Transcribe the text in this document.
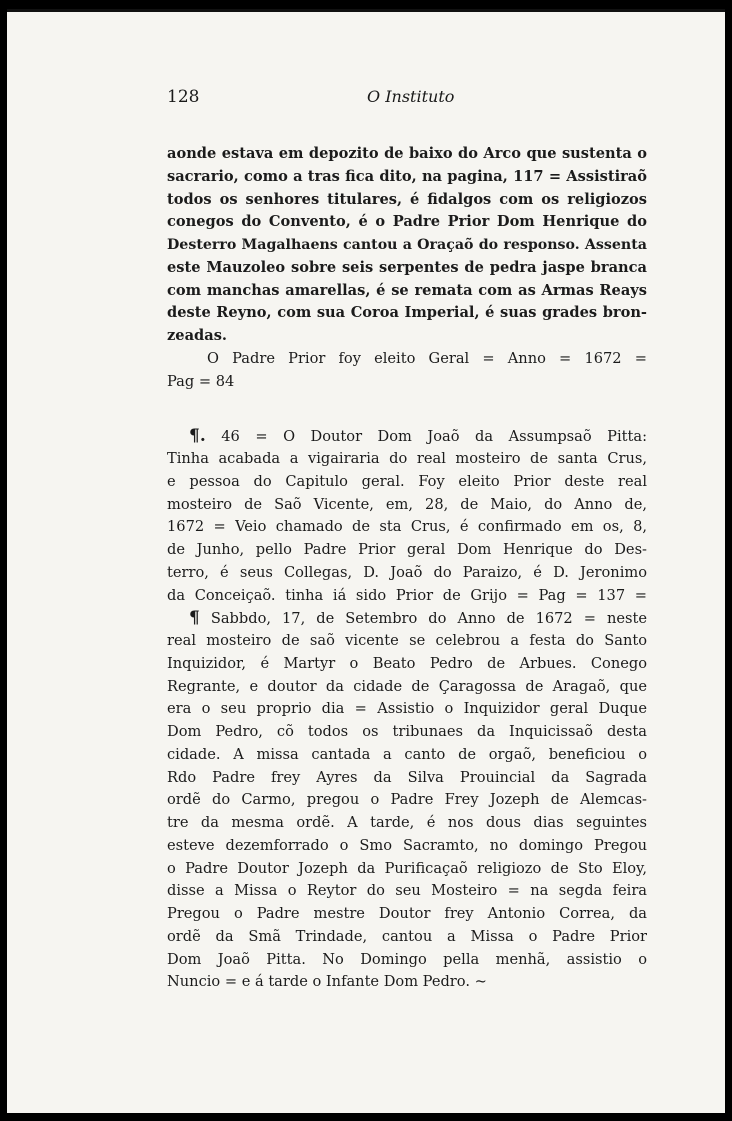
128	O Instituto
aonde estava em depozito de baixo do Arco que sustenta o
sacrario, como a tras fica dito, na pagina, 117 = Assistiraõ
todos os senhores titulares, é fidalgos com os religiozos
conegos do Convento, é o Padre Prior Dom Henrique do
Desterro Magalhaens cantou a Oraçaõ do responso. Assenta
este Mauzoleo sobre seis serpentes de pedra jaspe branca
com manchas amarellas, é se remata com as Armas Reays
deste Reyno, com sua Coroa Imperial, é suas grades bron-
zeadas.
O Padre Prior foy eleito Geral = Anno = 1672 =
Pag = 84
¶. 46 = O Doutor Dom Joaõ da Assumpsaõ Pitta:
Tinha acabada a vigairaria do real mosteiro de santa Crus,
e pessoa do Capitulo geral. Foy eleito Prior deste real
mosteiro de Saõ Vicente, em, 28, de Maio, do Anno de,
1672 = Veio chamado de sta Crus, é confirmado em os, 8,
de Junho, pello Padre Prior geral Dom Henrique do Des-
terro, é seus Collegas, D. Joaõ do Paraizo, é D. Jeronimo
da Conceiçaõ. tinha iá sido Prior de Grijo = Pag = 137 =
¶ Sabbdo, 17, de Setembro do Anno de 1672 = neste
real mosteiro de saõ vicente se celebrou a festa do Santo
Inquizidor, é Martyr o Beato Pedro de Arbues. Conego
Regrante, e doutor da cidade de Çaragossa de Aragaõ, que
era o seu proprio dia = Assistio o Inquizidor geral Duque
Dom Pedro, cõ todos os tribunaes da Inquicissaõ desta
cidade. A missa cantada a canto de orgaõ, beneficiou o
Rdo Padre frey Ayres da Silva Prouincial da Sagrada
ordẽ do Carmo, pregou o Padre Frey Jozeph de Alemcas-
tre da mesma ordẽ. A tarde, é nos dous dias seguintes
esteve dezemforrado o Smo Sacramto, no domingo Pregou
o Padre Doutor Jozeph da Purificaçaõ religiozo de Sto Eloy,
disse a Missa o Reytor do seu Mosteiro = na segda feira
Pregou o Padre mestre Doutor frey Antonio Correa, da
ordẽ da Smã Trindade, cantou a Missa o Padre Prior
Dom Joaõ Pitta. No Domingo pella menhã, assistio o
Nuncio = e á tarde o Infante Dom Pedro. ~
